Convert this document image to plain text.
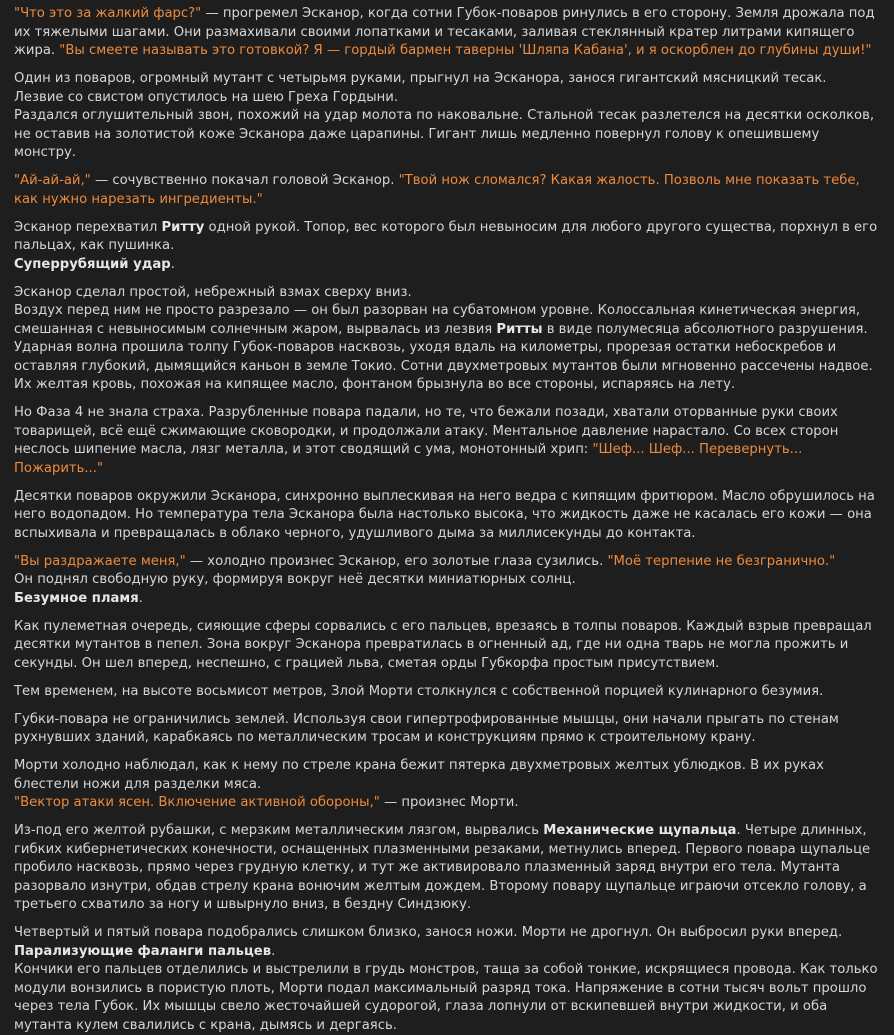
"Что это за жалкий фарс?" — прогремел Эсканор, когда сотни Губок-поваров ринулись в его сторону. Земля дрожала под их тяжелыми шагами. Они размахивали своими лопатками и тесаками, заливая стеклянный кратер литрами кипящего жира. "Вы смеете называть это готовкой? Я — гордый бармен таверны 'Шляпа Кабана', и я оскорблен до глубины души!"

Один из поваров, огромный мутант с четырьмя руками, прыгнул на Эсканора, занося гигантский мясницкий тесак. Лезвие со свистом опустилось на шею Греха Гордыни.
Раздался оглушительный звон, похожий на удар молота по наковальне. Стальной тесак разлетелся на десятки осколков, не оставив на золотистой коже Эсканора даже царапины. Гигант лишь медленно повернул голову к опешившему монстру.

"Ай-ай-ай," — сочувственно покачал головой Эсканор. "Твой нож сломался? Какая жалость. Позволь мне показать тебе, как нужно нарезать ингредиенты."

Эсканор перехватил Ритту одной рукой. Топор, вес которого был невыносим для любого другого существа, порхнул в его пальцах, как пушинка.
Суперрубящий удар.

Эсканор сделал простой, небрежный взмах сверху вниз.
Воздух перед ним не просто разрезало — он был разорван на субатомном уровне. Колоссальная кинетическая энергия, смешанная с невыносимым солнечным жаром, вырвалась из лезвия Ритты в виде полумесяца абсолютного разрушения. Ударная волна прошила толпу Губок-поваров насквозь, уходя вдаль на километры, прорезая остатки небоскребов и оставляя глубокий, дымящийся каньон в земле Токио. Сотни двухметровых мутантов были мгновенно рассечены надвое. Их желтая кровь, похожая на кипящее масло, фонтаном брызнула во все стороны, испаряясь на лету.

Но Фаза 4 не знала страха. Разрубленные повара падали, но те, что бежали позади, хватали оторванные руки своих товарищей, всё ещё сжимающие сковородки, и продолжали атаку. Ментальное давление нарастало. Со всех сторон неслось шипение масла, лязг металла, и этот сводящий с ума, монотонный хрип: "Шеф... Шеф... Перевернуть... Пожарить..."

Десятки поваров окружили Эсканора, синхронно выплескивая на него ведра с кипящим фритюром. Масло обрушилось на него водопадом. Но температура тела Эсканора была настолько высока, что жидкость даже не касалась его кожи — она вспыхивала и превращалась в облако черного, удушливого дыма за миллисекунды до контакта.

"Вы раздражаете меня," — холодно произнес Эсканор, его золотые глаза сузились. "Моё терпение не безгранично."
Он поднял свободную руку, формируя вокруг неё десятки миниатюрных солнц.
Безумное пламя.

Как пулеметная очередь, сияющие сферы сорвались с его пальцев, врезаясь в толпы поваров. Каждый взрыв превращал десятки мутантов в пепел. Зона вокруг Эсканора превратилась в огненный ад, где ни одна тварь не могла прожить и секунды. Он шел вперед, неспешно, с грацией льва, сметая орды Губкорфа простым присутствием.

Тем временем, на высоте восьмисот метров, Злой Морти столкнулся с собственной порцией кулинарного безумия.

Губки-повара не ограничились землей. Используя свои гипертрофированные мышцы, они начали прыгать по стенам рухнувших зданий, карабкаясь по металлическим тросам и конструкциям прямо к строительному крану.

Морти холодно наблюдал, как к нему по стреле крана бежит пятерка двухметровых желтых ублюдков. В их руках блестели ножи для разделки мяса.
"Вектор атаки ясен. Включение активной обороны," — произнес Морти.

Из-под его желтой рубашки, с мерзким металлическим лязгом, вырвались Механические щупальца. Четыре длинных, гибких кибернетических конечности, оснащенных плазменными резаками, метнулись вперед. Первого повара щупальце пробило насквозь, прямо через грудную клетку, и тут же активировало плазменный заряд внутри его тела. Мутанта разорвало изнутри, обдав стрелу крана вонючим желтым дождем. Второму повару щупальце играючи отсекло голову, а третьего схватило за ногу и швырнуло вниз, в бездну Синдзюку.

Четвертый и пятый повара подобрались слишком близко, занося ножи. Морти не дрогнул. Он выбросил руки вперед.
Парализующие фаланги пальцев.
Кончики его пальцев отделились и выстрелили в грудь монстров, таща за собой тонкие, искрящиеся провода. Как только модули вонзились в пористую плоть, Морти подал максимальный разряд тока. Напряжение в сотни тысяч вольт прошло через тела Губок. Их мышцы свело жесточайшей судорогой, глаза лопнули от вскипевшей внутри жидкости, и оба мутанта кулем свалились с крана, дымясь и дергаясь.
